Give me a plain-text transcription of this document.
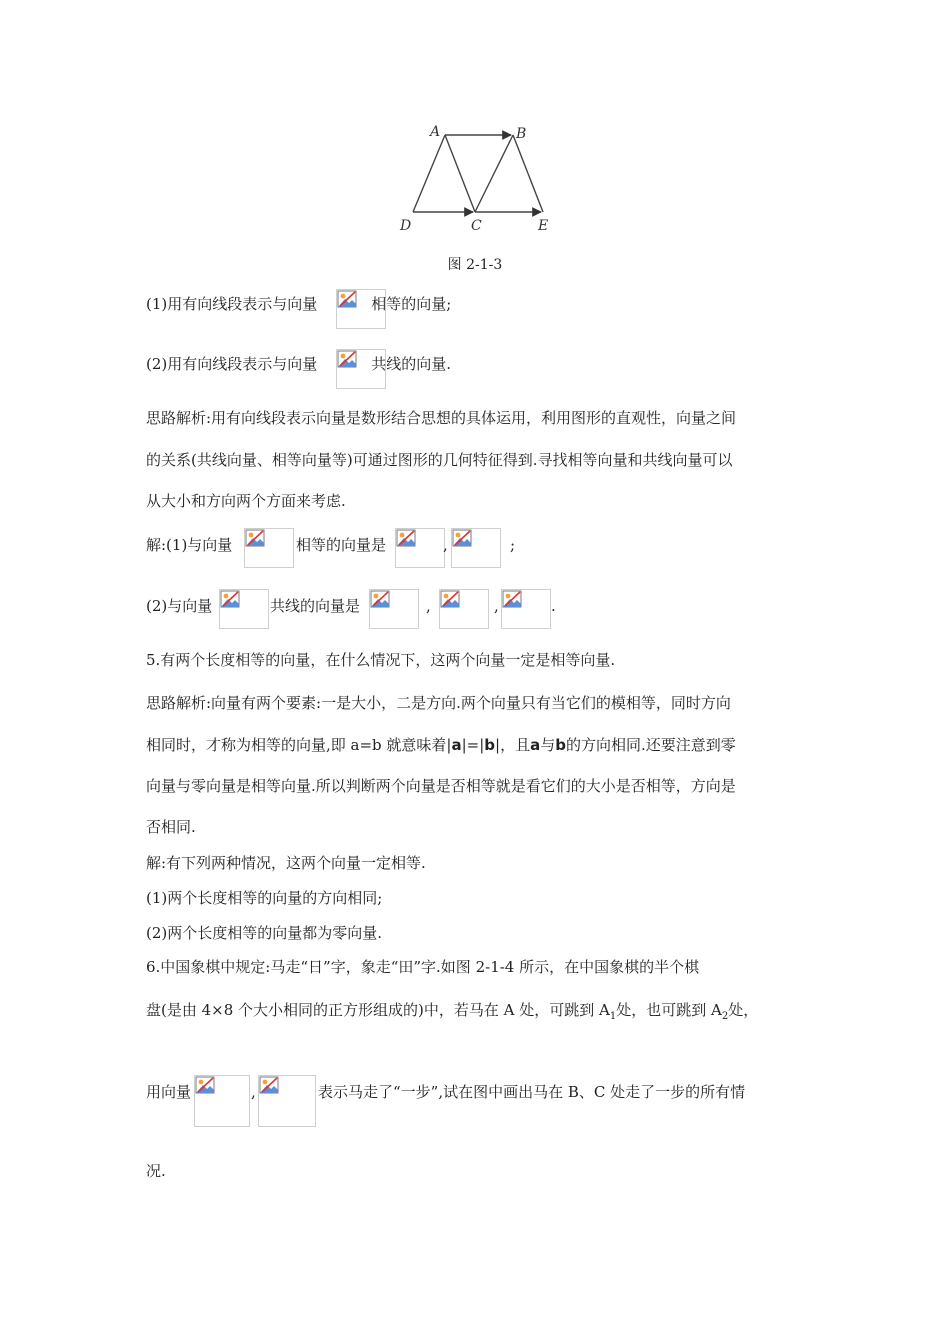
A	B
D	C	E
图 2-1-3
(1)用有向线段表示与向量	相等的向量;
(2)用有向线段表示与向量	共线的向量.
思路解析:用有向线段表示向量是数形结合思想的具体运用，利用图形的直观性，向量之间
的关系(共线向量、相等向量等)可通过图形的几何特征得到.寻找相等向量和共线向量可以
从大小和方向两个方面来考虑.
解:(1)与向量	相等的向量是	,	;
(2)与向量	共线的向量是	,	,	.
5.有两个长度相等的向量，在什么情况下，这两个向量一定是相等向量.
思路解析:向量有两个要素:一是大小，二是方向.两个向量只有当它们的模相等，同时方向
相同时，才称为相等的向量,即 a=b 就意味着|a|=|b|，且a与b的方向相同.还要注意到零
向量与零向量是相等向量.所以判断两个向量是否相等就是看它们的大小是否相等，方向是
否相同.
解:有下列两种情况，这两个向量一定相等.
(1)两个长度相等的向量的方向相同;
(2)两个长度相等的向量都为零向量.
6.中国象棋中规定:马走“日”字，象走“田”字.如图 2-1-4 所示，在中国象棋的半个棋
盘(是由 4×8 个大小相同的正方形组成的)中，若马在 A 处，可跳到 $A_1$处，也可跳到 $A_2$处，
用向量	,	表示马走了“一步”,试在图中画出马在 B、C 处走了一步的所有情
况.
